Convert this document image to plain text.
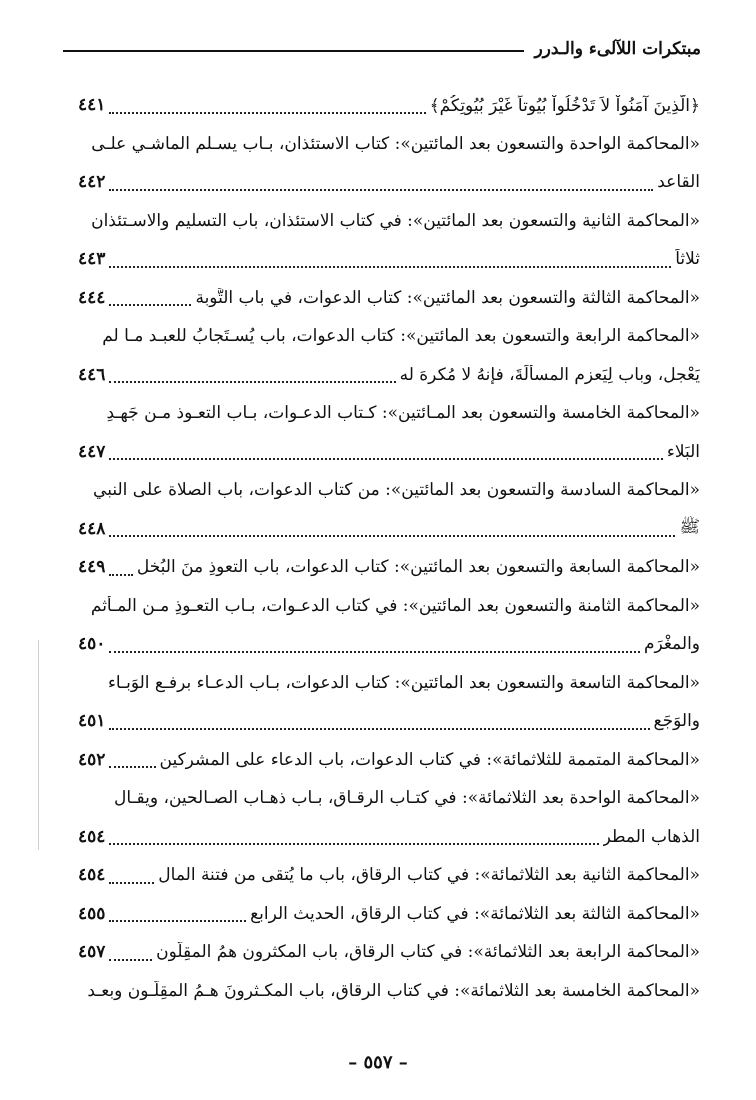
مبتكرات اللآلىء والـدرر
﴿الَّذِينَ آمَنُواْ لاَ تَدْخُلُواْ بُيُوتاً غَيْرَ بُيُوتِكُمْ﴾
٤٤١
«المحاكمة الواحدة والتسعون بعد المائتين»: كتاب الاستئذان، بـاب يسـلم الماشـي علـى
القاعد
٤٤٢
«المحاكمة الثانية والتسعون بعد المائتين»: في كتاب الاستئذان، باب التسليم والاسـتئذان
ثلاثاً
٤٤٣
«المحاكمة الثالثة والتسعون بعد المائتين»: كتاب الدعوات، في باب التَّوبة
٤٤٤
«المحاكمة الرابعة والتسعون بعد المائتين»: كتاب الدعوات، باب يُسـتَجابُ للعبـد مـا لم
يَعْجل، وباب لِيَعزم المسألَةَ، فإنهُ لا مُكرهَ له
٤٤٦
«المحاكمة الخامسة والتسعون بعد المـائتين»: كـتاب الدعـوات، بـاب التعـوذ مـن جَهـدِ
البَلاء
٤٤٧
«المحاكمة السادسة والتسعون بعد المائتين»: من كتاب الدعوات، باب الصلاة على النبي
ﷺ
٤٤٨
«المحاكمة السابعة والتسعون بعد المائتين»: كتاب الدعوات، باب التعوذِ منَ البُخل
٤٤٩
«المحاكمة الثامنة والتسعون بعد المائتين»: في كتاب الدعـوات، بـاب التعـوذِ مـن المـأثم
والمغْرَم
٤٥٠
«المحاكمة التاسعة والتسعون بعد المائتين»: كتاب الدعوات، بـاب الدعـاء برفـع الوَبـاء
والوَجَع
٤٥١
«المحاكمة المتممة للثلاثمائة»: في كتاب الدعوات، باب الدعاء على المشركين
٤٥٢
«المحاكمة الواحدة بعد الثلاثمائة»: في كتـاب الرقـاق، بـاب ذهـاب الصـالحين، ويقـال
الذهاب المطر
٤٥٤
«المحاكمة الثانية بعد الثلاثمائة»: في كتاب الرقاق، باب ما يُتقى من فتنة المال
٤٥٤
«المحاكمة الثالثة بعد الثلاثمائة»: في كتاب الرقاق، الحديث الرابع
٤٥٥
«المحاكمة الرابعة بعد الثلاثمائة»: في كتاب الرقاق، باب المكثرون همُ المقِلّون
٤٥٧
«المحاكمة الخامسة بعد الثلاثمائة»: في كتاب الرقاق، باب المكـثرونَ هـمُ المقِلّـون وبعـد
– ٥٥٧ –
